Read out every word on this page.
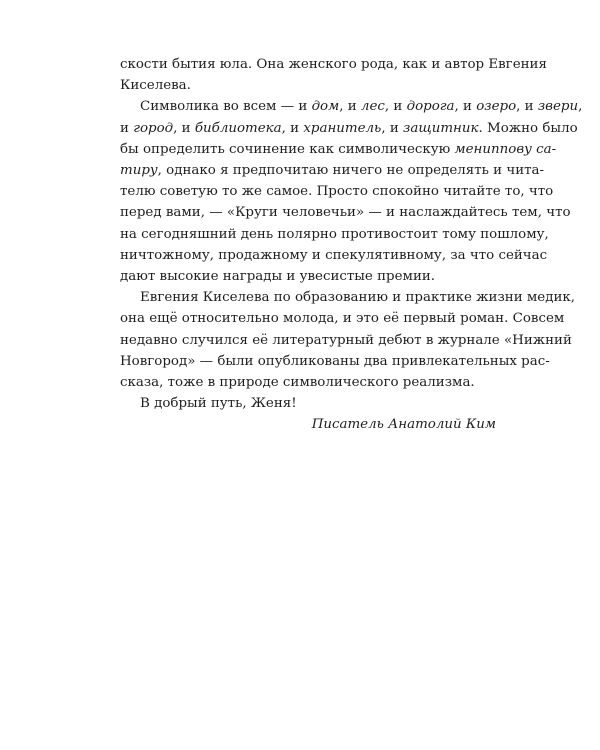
скости бытия юла. Она женского рода, как и автор Евгения
Киселева.
Символика во всем — и дом, и лес, и дорога, и озеро, и звери,
и город, и библиотека, и хранитель, и защитник. Можно было
бы определить сочинение как символическую мениппову са-
тиру, однако я предпочитаю ничего не определять и чита-
телю советую то же самое. Просто спокойно читайте то, что
перед вами, — «Круги человечьи» — и наслаждайтесь тем, что
на сегодняшний день полярно противостоит тому пошлому,
ничтожному, продажному и спекулятивному, за что сейчас
дают высокие награды и увесистые премии.
Евгения Киселева по образованию и практике жизни медик,
она ещё относительно молода, и это её первый роман. Совсем
недавно случился её литературный дебют в журнале «Нижний
Новгород» — были опубликованы два привлекательных рас-
сказа, тоже в природе символического реализма.
В добрый путь, Женя!
Писатель Анатолий Ким
